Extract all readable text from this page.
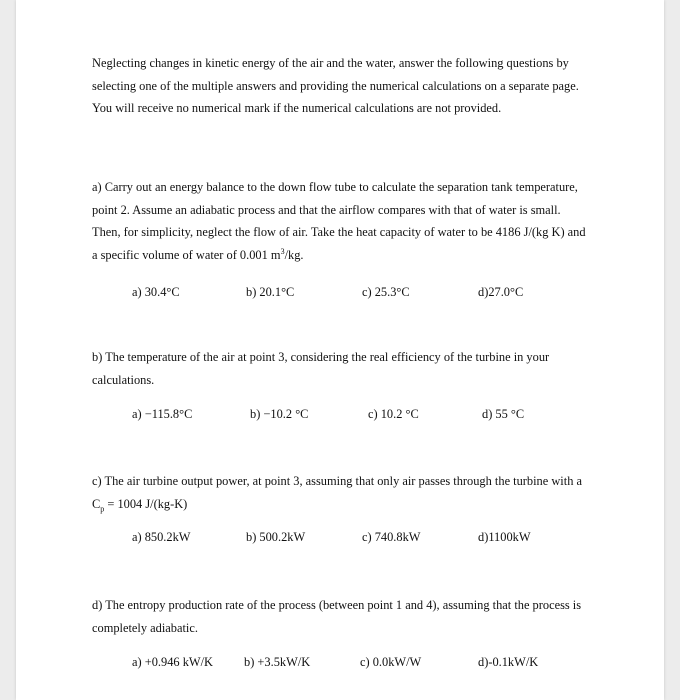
Neglecting changes in kinetic energy of the air and the water, answer the following questions by selecting one of the multiple answers and providing the numerical calculations on a separate page. You will receive no numerical mark if the numerical calculations are not provided.

a) Carry out an energy balance to the down flow tube to calculate the separation tank temperature, point 2. Assume an adiabatic process and that the airflow compares with that of water is small. Then, for simplicity, neglect the flow of air. Take the heat capacity of water to be 4186 J/(kg K) and a specific volume of water of 0.001 $m^3/kg$.

a) 30.4°C	b) 20.1°C	c) 25.3°C	d)27.0°C

b) The temperature of the air at point 3, considering the real efficiency of the turbine in your calculations.

a) −115.8°C	b) −10.2 °C	c) 10.2 °C	d) 55 °C

c) The air turbine output power, at point 3, assuming that only air passes through the turbine with a $C_p = 1004$ J/(kg-K)

a) 850.2kW	b) 500.2kW	c) 740.8kW	d)1100kW

d) The entropy production rate of the process (between point 1 and 4), assuming that the process is completely adiabatic.

a) +0.946 kW/K	b) +3.5kW/K	c) 0.0kW/W	d)-0.1kW/K
